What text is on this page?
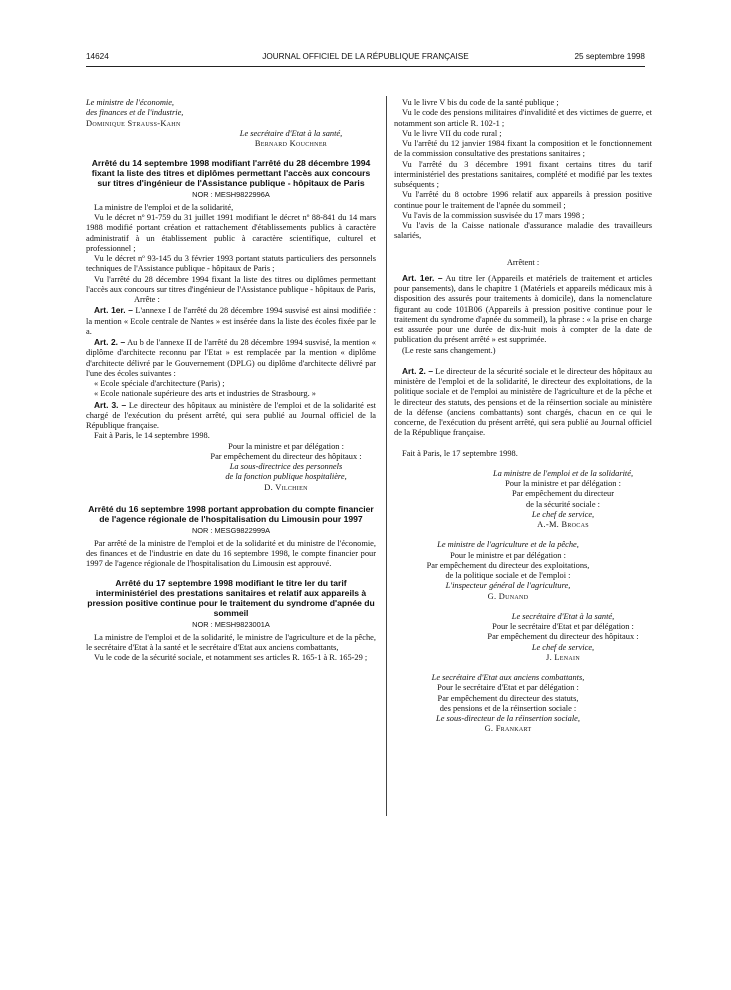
14624	JOURNAL OFFICIEL DE LA RÉPUBLIQUE FRANÇAISE	25 septembre 1998
Le ministre de l'économie,
des finances et de l'industrie,
Dominique Strauss-Kahn
Le secrétaire d'Etat à la santé,
Bernard Kouchner
Arrêté du 14 septembre 1998 modifiant l'arrêté du 28 décembre 1994 fixant la liste des titres et diplômes permettant l'accès aux concours sur titres d'ingénieur de l'Assistance publique - hôpitaux de Paris
NOR : MESH9822996A

La ministre de l'emploi et de la solidarité,

Vu le décret nº 91-759 du 31 juillet 1991 modifiant le décret nº 88-841 du 14 mars 1988 modifié portant création et rattachement d'établissements publics à caractère administratif à un établissement public à caractère scientifique, culturel et professionnel ;

Vu le décret nº 93-145 du 3 février 1993 portant statuts particuliers des personnels techniques de l'Assistance publique - hôpitaux de Paris ;

Vu l'arrêté du 28 décembre 1994 fixant la liste des titres ou diplômes permettant l'accès aux concours sur titres d'ingénieur de l'Assistance publique - hôpitaux de Paris,

Arrête :

Art. 1er. – L'annexe I de l'arrêté du 28 décembre 1994 susvisé est ainsi modifiée : la mention « Ecole centrale de Nantes » est insérée dans la liste des écoles fixée par le a.

Art. 2. – Au b de l'annexe II de l'arrêté du 28 décembre 1994 susvisé, la mention « diplôme d'architecte reconnu par l'Etat » est remplacée par la mention « diplôme d'architecte délivré par le Gouvernement (DPLG) ou diplôme d'architecte délivré par l'une des écoles suivantes :

« Ecole spéciale d'architecture (Paris) ;

« Ecole nationale supérieure des arts et industries de Strasbourg. »

Art. 3. – Le directeur des hôpitaux au ministère de l'emploi et de la solidarité est chargé de l'exécution du présent arrêté, qui sera publié au Journal officiel de la République française.

Fait à Paris, le 14 septembre 1998.

Pour la ministre et par délégation :
Par empêchement du directeur des hôpitaux :
La sous-directrice des personnels
de la fonction publique hospitalière,
D. Vilchien
Arrêté du 16 septembre 1998 portant approbation du compte financier de l'agence régionale de l'hospitalisation du Limousin pour 1997
NOR : MESG9822999A

Par arrêté de la ministre de l'emploi et de la solidarité et du ministre de l'économie, des finances et de l'industrie en date du 16 septembre 1998, le compte financier pour 1997 de l'agence régionale de l'hospitalisation du Limousin est approuvé.

Arrêté du 17 septembre 1998 modifiant le titre Ier du tarif interministériel des prestations sanitaires et relatif aux appareils à pression positive continue pour le traitement du syndrome d'apnée du sommeil
NOR : MESH9823001A

La ministre de l'emploi et de la solidarité, le ministre de l'agriculture et de la pêche, le secrétaire d'Etat à la santé et le secrétaire d'Etat aux anciens combattants,

Vu le code de la sécurité sociale, et notamment ses articles R. 165-1 à R. 165-29 ;

Vu le livre V bis du code de la santé publique ;

Vu le code des pensions militaires d'invalidité et des victimes de guerre, et notamment son article R. 102-1 ;

Vu le livre VII du code rural ;

Vu l'arrêté du 12 janvier 1984 fixant la composition et le fonctionnement de la commission consultative des prestations sanitaires ;

Vu l'arrêté du 3 décembre 1991 fixant certains titres du tarif interministériel des prestations sanitaires, complété et modifié par les textes subséquents ;

Vu l'arrêté du 8 octobre 1996 relatif aux appareils à pression positive continue pour le traitement de l'apnée du sommeil ;

Vu l'avis de la commission susvisée du 17 mars 1998 ;

Vu l'avis de la Caisse nationale d'assurance maladie des travailleurs salariés,

Arrêtent :

Art. 1er. – Au titre Ier (Appareils et matériels de traitement et articles pour pansements), dans le chapitre 1 (Matériels et appareils médicaux mis à disposition des assurés pour traitements à domicile), dans la nomenclature figurant au code 101B06 (Appareils à pression positive continue pour le traitement du syndrome d'apnée du sommeil), la phrase : « la prise en charge est assurée pour une durée de dix-huit mois à compter de la date de publication du présent arrêté » est supprimée.

(Le reste sans changement.)

Art. 2. – Le directeur de la sécurité sociale et le directeur des hôpitaux au ministère de l'emploi et de la solidarité, le directeur des exploitations, de la politique sociale et de l'emploi au ministère de l'agriculture et de la pêche et le directeur des statuts, des pensions et de la réinsertion sociale au ministère de la défense (anciens combattants) sont chargés, chacun en ce qui le concerne, de l'exécution du présent arrêté, qui sera publié au Journal officiel de la République française.

Fait à Paris, le 17 septembre 1998.

La ministre de l'emploi et de la solidarité,
Pour la ministre et par délégation :
Par empêchement du directeur
de la sécurité sociale :
Le chef de service,
A.-M. Brocas
Le ministre de l'agriculture et de la pêche,
Pour le ministre et par délégation :
Par empêchement du directeur des exploitations,
de la politique sociale et de l'emploi :
L'inspecteur général de l'agriculture,
G. Dunand
Le secrétaire d'Etat à la santé,
Pour le secrétaire d'Etat et par délégation :
Par empêchement du directeur des hôpitaux :
Le chef de service,
J. Lenain
Le secrétaire d'Etat aux anciens combattants,
Pour le secrétaire d'Etat et par délégation :
Par empêchement du directeur des statuts,
des pensions et de la réinsertion sociale :
Le sous-directeur de la réinsertion sociale,
G. Frankart
